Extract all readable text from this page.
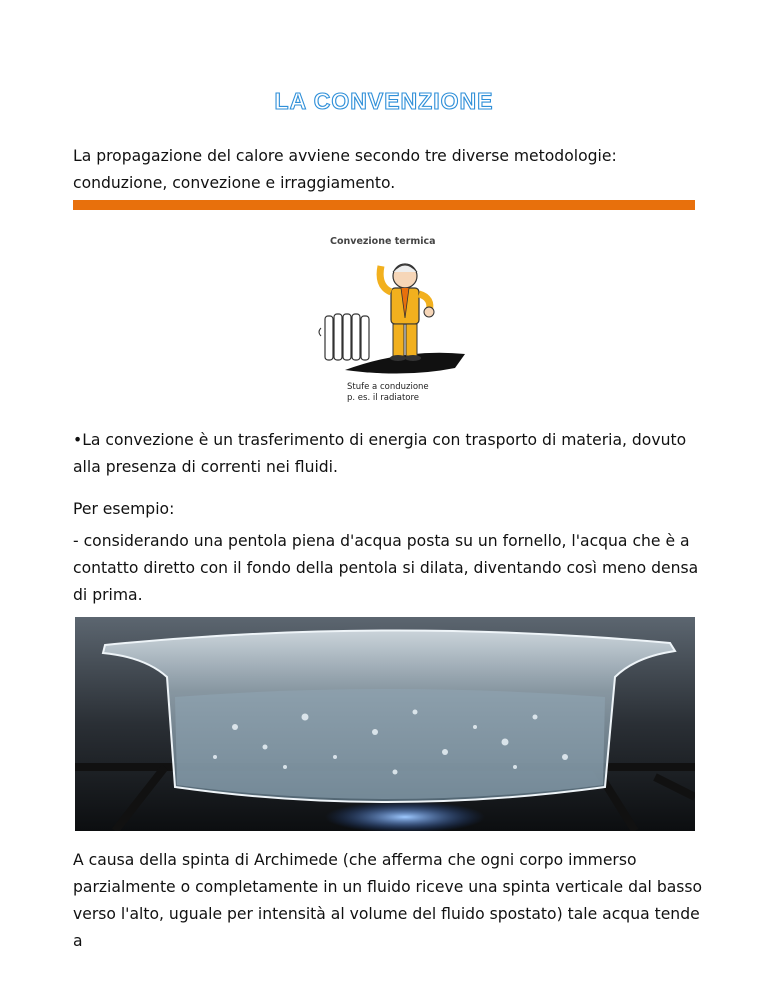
LA CONVENZIONE

La propagazione del calore avviene secondo tre diverse metodologie: conduzione, convezione e irraggiamento.

Convezione termica
Stufe a conduzione
p. es. il radiatore

•La convezione è un trasferimento di energia con trasporto di materia, dovuto alla presenza di correnti nei fluidi.

Per esempio:

- considerando una pentola piena d'acqua posta su un fornello, l'acqua che è a contatto diretto con il fondo della pentola si dilata, diventando così meno densa di prima.

A causa della spinta di Archimede (che afferma che ogni corpo immerso parzialmente o completamente in un fluido riceve una spinta verticale dal basso verso l'alto, uguale per intensità al volume del fluido spostato) tale acqua tende a
